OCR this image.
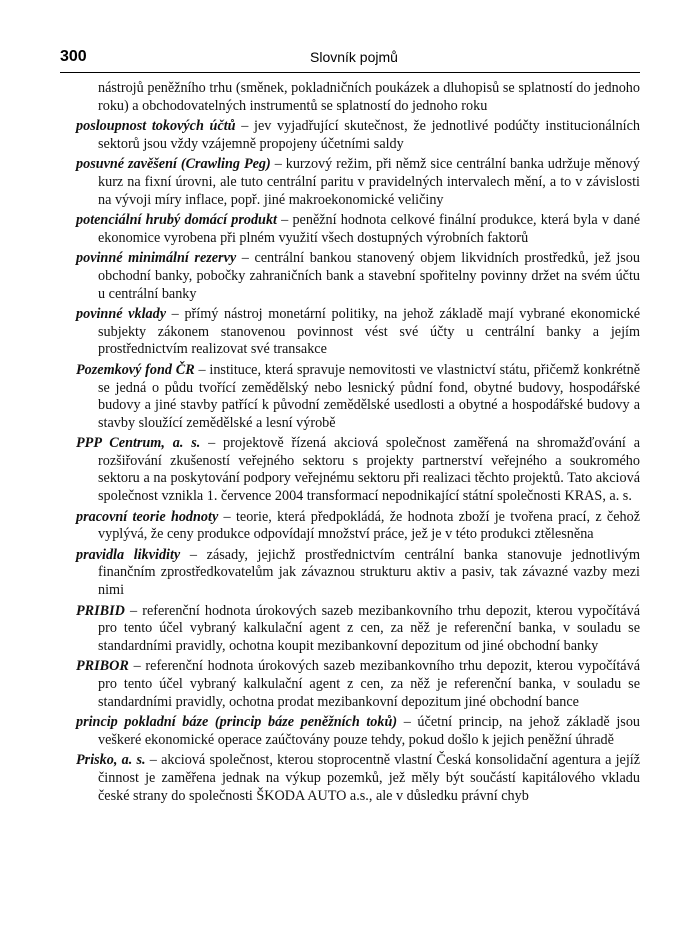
300	Slovník pojmů

nástrojů peněžního trhu (směnek, pokladničních poukázek a dluhopisů se splatností do jednoho roku) a obchodovatelných instrumentů se splatností do jednoho roku

posloupnost tokových účtů – jev vyjadřující skutečnost, že jednotlivé podúčty institucionálních sektorů jsou vždy vzájemně propojeny účetními saldy

posuvné zavěšení (Crawling Peg) – kurzový režim, při němž sice centrální banka udržuje měnový kurz na fixní úrovni, ale tuto centrální paritu v pravidelných intervalech mění, a to v závislosti na vývoji míry inflace, popř. jiné makroekonomické veličiny

potenciální hrubý domácí produkt – peněžní hodnota celkové finální produkce, která byla v dané ekonomice vyrobena při plném využití všech dostupných výrobních faktorů

povinné minimální rezervy – centrální bankou stanovený objem likvidních prostředků, jež jsou obchodní banky, pobočky zahraničních bank a stavební spořitelny povinny držet na svém účtu u centrální banky

povinné vklady – přímý nástroj monetární politiky, na jehož základě mají vybrané ekonomické subjekty zákonem stanovenou povinnost vést své účty u centrální banky a jejím prostřednictvím realizovat své transakce

Pozemkový fond ČR – instituce, která spravuje nemovitosti ve vlastnictví státu, přičemž konkrétně se jedná o půdu tvořící zemědělský nebo lesnický půdní fond, obytné budovy, hospodářské budovy a jiné stavby patřící k původní zemědělské usedlosti a obytné a hospodářské budovy a stavby sloužící zemědělské a lesní výrobě

PPP Centrum, a. s. – projektově řízená akciová společnost zaměřená na shromažďování a rozšiřování zkušeností veřejného sektoru s projekty partnerství veřejného a soukromého sektoru a na poskytování podpory veřejnému sektoru při realizaci těchto projektů. Tato akciová společnost vznikla 1. července 2004 transformací nepodnikající státní společnosti KRAS, a. s.

pracovní teorie hodnoty – teorie, která předpokládá, že hodnota zboží je tvořena prací, z čehož vyplývá, že ceny produkce odpovídají množství práce, jež je v této produkci ztělesněna

pravidla likvidity – zásady, jejichž prostřednictvím centrální banka stanovuje jednotlivým finančním zprostředkovatelům jak závaznou strukturu aktiv a pasiv, tak závazné vazby mezi nimi

PRIBID – referenční hodnota úrokových sazeb mezibankovního trhu depozit, kterou vypočítává pro tento účel vybraný kalkulační agent z cen, za něž je referenční banka, v souladu se standardními pravidly, ochotna koupit mezibankovní depozitum od jiné obchodní banky

PRIBOR – referenční hodnota úrokových sazeb mezibankovního trhu depozit, kterou vypočítává pro tento účel vybraný kalkulační agent z cen, za něž je referenční banka, v souladu se standardními pravidly, ochotna prodat mezibankovní depozitum jiné obchodní bance

princip pokladní báze (princip báze peněžních toků) – účetní princip, na jehož základě jsou veškeré ekonomické operace zaúčtovány pouze tehdy, pokud došlo k jejich peněžní úhradě

Prisko, a. s. – akciová společnost, kterou stoprocentně vlastní Česká konsolidační agentura a jejíž činnost je zaměřena jednak na výkup pozemků, jež měly být součástí kapitálového vkladu české strany do společnosti ŠKODA AUTO a.s., ale v důsledku právní chyb
